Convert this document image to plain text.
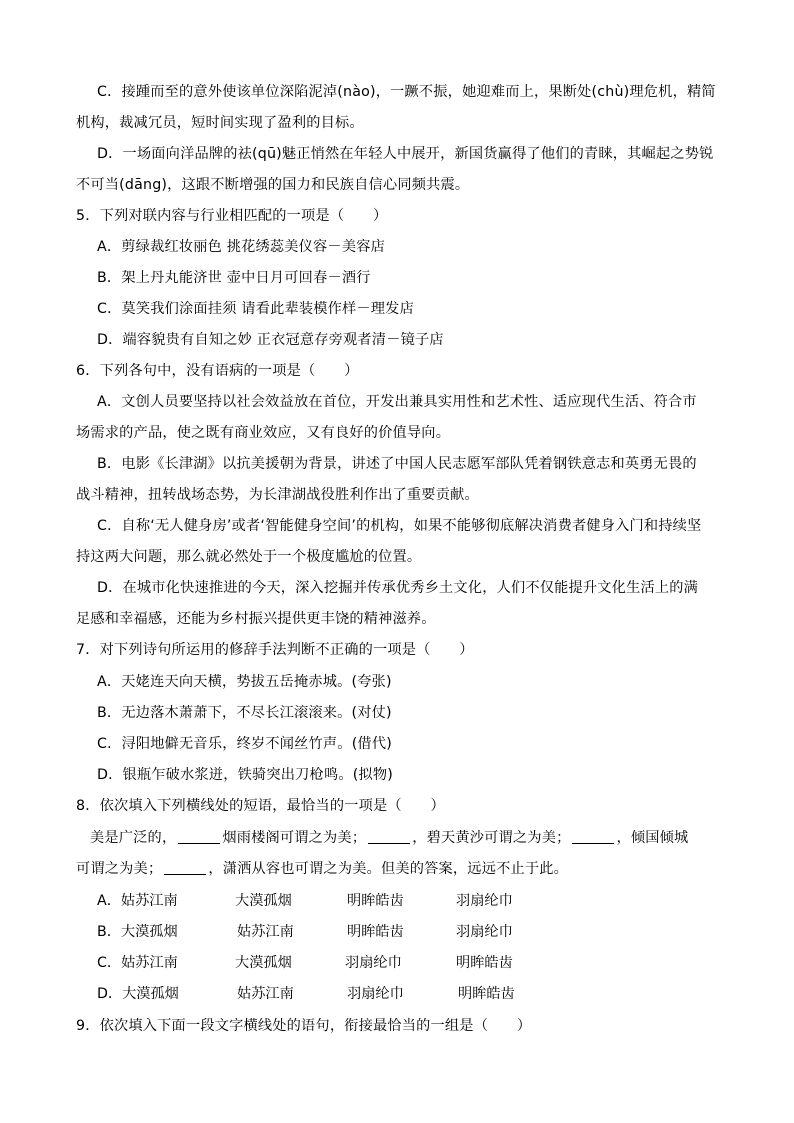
C．接踵而至的意外使该单位深陷泥淖(nào)，一蹶不振，她迎难而上，果断处(chù)理危机，精简
机构，裁减冗员，短时间实现了盈利的目标。
D．一场面向洋品牌的祛(qū)魅正悄然在年轻人中展开，新国货赢得了他们的青睐，其崛起之势锐
不可当(dāng)，这跟不断增强的国力和民族自信心同频共震。
5．下列对联内容与行业相匹配的一项是（　　）
A．剪绿裁红妆丽色 挑花绣蕊美仪容－美容店
B．架上丹丸能济世 壶中日月可回春－酒行
C．莫笑我们涂面挂须 请看此辈装模作样－理发店
D．端容貌贵有自知之妙 正衣冠意存旁观者清－镜子店
6．下列各句中，没有语病的一项是（　　）
A．文创人员要坚持以社会效益放在首位，开发出兼具实用性和艺术性、适应现代生活、符合市
场需求的产品，使之既有商业效应，又有良好的价值导向。
B．电影《长津湖》以抗美援朝为背景，讲述了中国人民志愿军部队凭着钢铁意志和英勇无畏的
战斗精神，扭转战场态势，为长津湖战役胜利作出了重要贡献。
C．自称‘无人健身房’或者‘智能健身空间’的机构，如果不能够彻底解决消费者健身入门和持续坚
持这两大问题，那么就必然处于一个极度尴尬的位置。
D．在城市化快速推进的今天，深入挖掘并传承优秀乡土文化，人们不仅能提升文化生活上的满
足感和幸福感，还能为乡村振兴提供更丰饶的精神滋养。
7．对下列诗句所运用的修辞手法判断不正确的一项是（　　）
A．天姥连天向天横，势拔五岳掩赤城。(夸张)
B．无边落木萧萧下，不尽长江滚滚来。(对仗)
C．浔阳地僻无音乐，终岁不闻丝竹声。(借代)
D．银瓶乍破水浆迸，铁骑突出刀枪鸣。(拟物)
8．依次填入下列横线处的短语，最恰当的一项是（　　）
美是广泛的，	烟雨楼阁可谓之为美；	，碧天黄沙可谓之为美；	，倾国倾城
可谓之为美；	，潇洒从容也可谓之为美。但美的答案，远远不止于此。
A．姑苏江南	大漠孤烟	明眸皓齿	羽扇纶巾
B．大漠孤烟	姑苏江南	明眸皓齿	羽扇纶巾
C．姑苏江南	大漠孤烟	羽扇纶巾	明眸皓齿
D．大漠孤烟	姑苏江南	羽扇纶巾	明眸皓齿
9．依次填入下面一段文字横线处的语句，衔接最恰当的一组是（　　）
